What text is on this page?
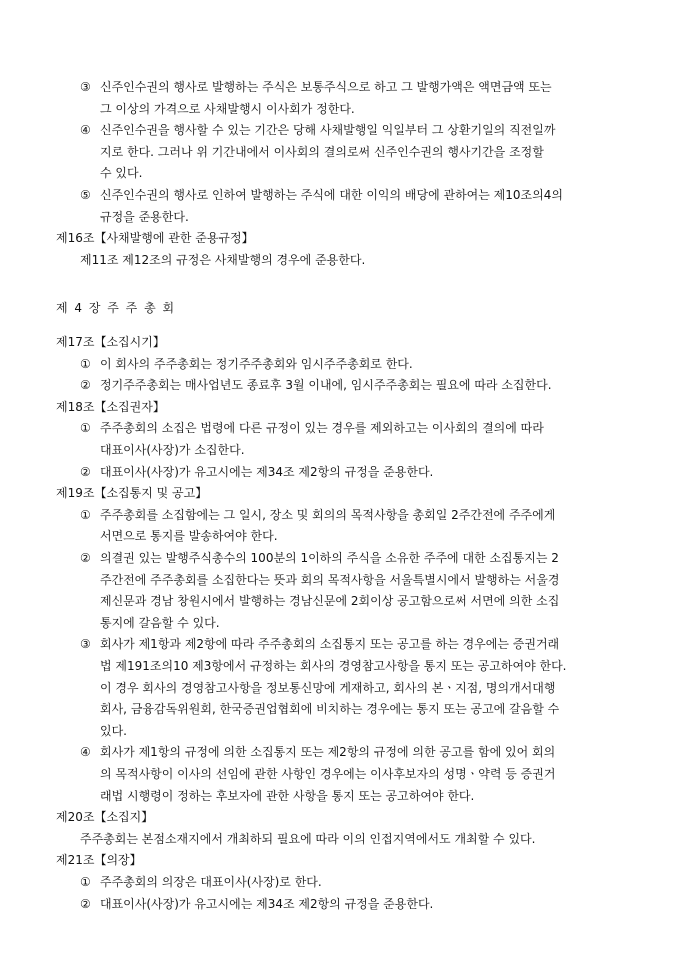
③ 신주인수권의 행사로 발행하는 주식은 보통주식으로 하고 그 발행가액은 액면금액 또는
그 이상의 가격으로 사채발행시 이사회가 정한다.
④ 신주인수권을 행사할 수 있는 기간은 당해 사채발행일 익일부터 그 상환기일의 직전일까
지로 한다. 그러나 위 기간내에서 이사회의 결의로써 신주인수권의 행사기간을 조정할
수 있다.
⑤ 신주인수권의 행사로 인하여 발행하는 주식에 대한 이익의 배당에 관하여는 제10조의4의
규정을 준용한다.
제16조【사채발행에 관한 준용규정】
제11조 제12조의 규정은 사채발행의 경우에 준용한다.
제 4 장 주 주 총 회
제17조【소집시기】
① 이 회사의 주주총회는 정기주주총회와 임시주주총회로 한다.
② 정기주주총회는 매사업년도 종료후 3월 이내에, 임시주주총회는 필요에 따라 소집한다.
제18조【소집권자】
① 주주총회의 소집은 법령에 다른 규정이 있는 경우를 제외하고는 이사회의 결의에 따라
대표이사(사장)가 소집한다.
② 대표이사(사장)가 유고시에는 제34조 제2항의 규정을 준용한다.
제19조【소집통지 및 공고】
① 주주총회를 소집함에는 그 일시, 장소 및 회의의 목적사항을 총회일 2주간전에 주주에게
서면으로 통지를 발송하여야 한다.
② 의결권 있는 발행주식총수의 100분의 1이하의 주식을 소유한 주주에 대한 소집통지는 2
주간전에 주주총회를 소집한다는 뜻과 회의 목적사항을 서울특별시에서 발행하는 서울경
제신문과 경남 창원시에서 발행하는 경남신문에 2회이상 공고함으로써 서면에 의한 소집
통지에 갈음할 수 있다.
③ 회사가 제1항과 제2항에 따라 주주총회의 소집통지 또는 공고를 하는 경우에는 증권거래
법 제191조의10 제3항에서 규정하는 회사의 경영참고사항을 통지 또는 공고하여야 한다.
이 경우 회사의 경영참고사항을 정보통신망에 게재하고, 회사의 본ㆍ지점, 명의개서대행
회사, 금융감독위원회, 한국증권업협회에 비치하는 경우에는 통지 또는 공고에 갈음할 수
있다.
④ 회사가 제1항의 규정에 의한 소집통지 또는 제2항의 규정에 의한 공고를 함에 있어 회의
의 목적사항이 이사의 선임에 관한 사항인 경우에는 이사후보자의 성명ㆍ약력 등 증권거
래법 시행령이 정하는 후보자에 관한 사항을 통지 또는 공고하여야 한다.
제20조【소집지】
주주총회는 본점소재지에서 개최하되 필요에 따라 이의 인접지역에서도 개최할 수 있다.
제21조【의장】
① 주주총회의 의장은 대표이사(사장)로 한다.
② 대표이사(사장)가 유고시에는 제34조 제2항의 규정을 준용한다.
